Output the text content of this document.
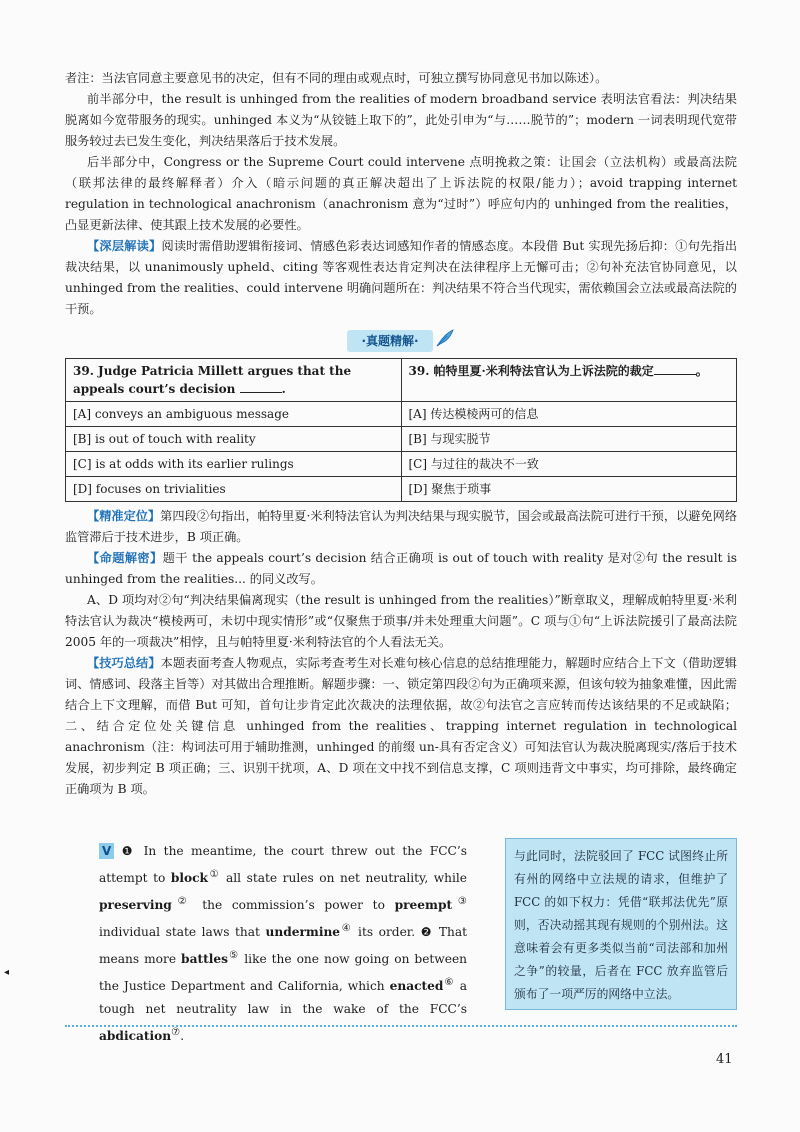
者注：当法官同意主要意见书的决定，但有不同的理由或观点时，可独立撰写协同意见书加以陈述）。

前半部分中，the result is unhinged from the realities of modern broadband service 表明法官看法：判决结果脱离如今宽带服务的现实。unhinged 本义为“从铰链上取下的”，此处引申为“与……脱节的”；modern 一词表明现代宽带服务较过去已发生变化，判决结果落后于技术发展。

后半部分中，Congress or the Supreme Court could intervene 点明挽救之策：让国会（立法机构）或最高法院（联邦法律的最终解释者）介入（暗示问题的真正解决超出了上诉法院的权限/能力）；avoid trapping internet regulation in technological anachronism（anachronism 意为“过时”）呼应句内的 unhinged from the realities，凸显更新法律、使其跟上技术发展的必要性。

【深层解读】阅读时需借助逻辑衔接词、情感色彩表达词感知作者的情感态度。本段借 But 实现先扬后抑：①句先指出裁决结果，以 unanimously upheld、citing 等客观性表达肯定判决在法律程序上无懈可击；②句补充法官协同意见，以 unhinged from the realities、could intervene 明确问题所在：判决结果不符合当代现实，需依赖国会立法或最高法院的干预。

·真题精解·
39. Judge Patricia Millett argues that the appeals court’s decision .	39. 帕特里夏·米利特法官认为上诉法院的裁定 。
[A] conveys an ambiguous message	[A] 传达模棱两可的信息
[B] is out of touch with reality	[B] 与现实脱节
[C] is at odds with its earlier rulings	[C] 与过往的裁决不一致
[D] focuses on trivialities	[D] 聚焦于琐事

【精准定位】第四段②句指出，帕特里夏·米利特法官认为判决结果与现实脱节，国会或最高法院可进行干预，以避免网络监管滞后于技术进步，B 项正确。

【命题解密】题干 the appeals court’s decision 结合正确项 is out of touch with reality 是对②句 the result is unhinged from the realities... 的同义改写。

A、D 项均对②句“判决结果偏离现实（the result is unhinged from the realities）”断章取义，理解成帕特里夏·米利特法官认为裁决“模棱两可，未切中现实情形”或“仅聚焦于琐事/并未处理重大问题”。C 项与①句“上诉法院援引了最高法院 2005 年的一项裁决”相悖，且与帕特里夏·米利特法官的个人看法无关。

【技巧总结】本题表面考查人物观点，实际考查考生对长难句核心信息的总结推理能力，解题时应结合上下文（借助逻辑词、情感词、段落主旨等）对其做出合理推断。解题步骤：一、锁定第四段②句为正确项来源，但该句较为抽象难懂，因此需结合上下文理解，而借 But 可知，首句让步肯定此次裁决的法理依据，故②句法官之言应转而传达该结果的不足或缺陷；二、结合定位处关键信息 unhinged from the realities、trapping internet regulation in technological anachronism（注：构词法可用于辅助推测，unhinged 的前缀 un-具有否定含义）可知法官认为裁决脱离现实/落后于技术发展，初步判定 B 项正确；三、识别干扰项，A、D 项在文中找不到信息支撑，C 项则违背文中事实，均可排除，最终确定正确项为 B 项。

V ❶ In the meantime, the court threw out the FCC’s attempt to block① all state rules on net neutrality, while preserving② the commission’s power to preempt③ individual state laws that undermine④ its order. ❷ That means more battles⑤ like the one now going on between the Justice Department and California, which enacted⑥ a tough net neutrality law in the wake of the FCC’s abdication⑦.
与此同时，法院驳回了 FCC 试图终止所有州的网络中立法规的请求，但维护了 FCC 的如下权力：凭借“联邦法优先”原则，否决动摇其现有规则的个别州法。这意味着会有更多类似当前“司法部和加州之争”的较量，后者在 FCC 放弃监管后颁布了一项严厉的网络中立法。
◂
41
